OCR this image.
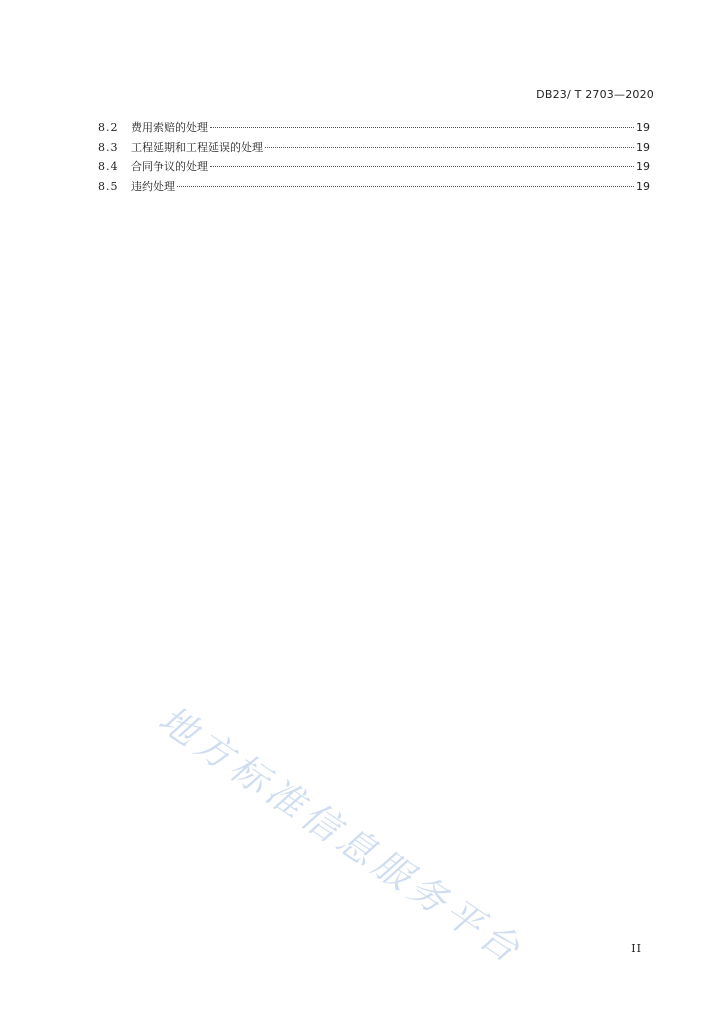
DB23/ T 2703—2020
8.2	费用索赔的处理	19
8.3	工程延期和工程延误的处理	19
8.4	合同争议的处理	19
8.5	违约处理	19
地方标准信息服务平台	II
